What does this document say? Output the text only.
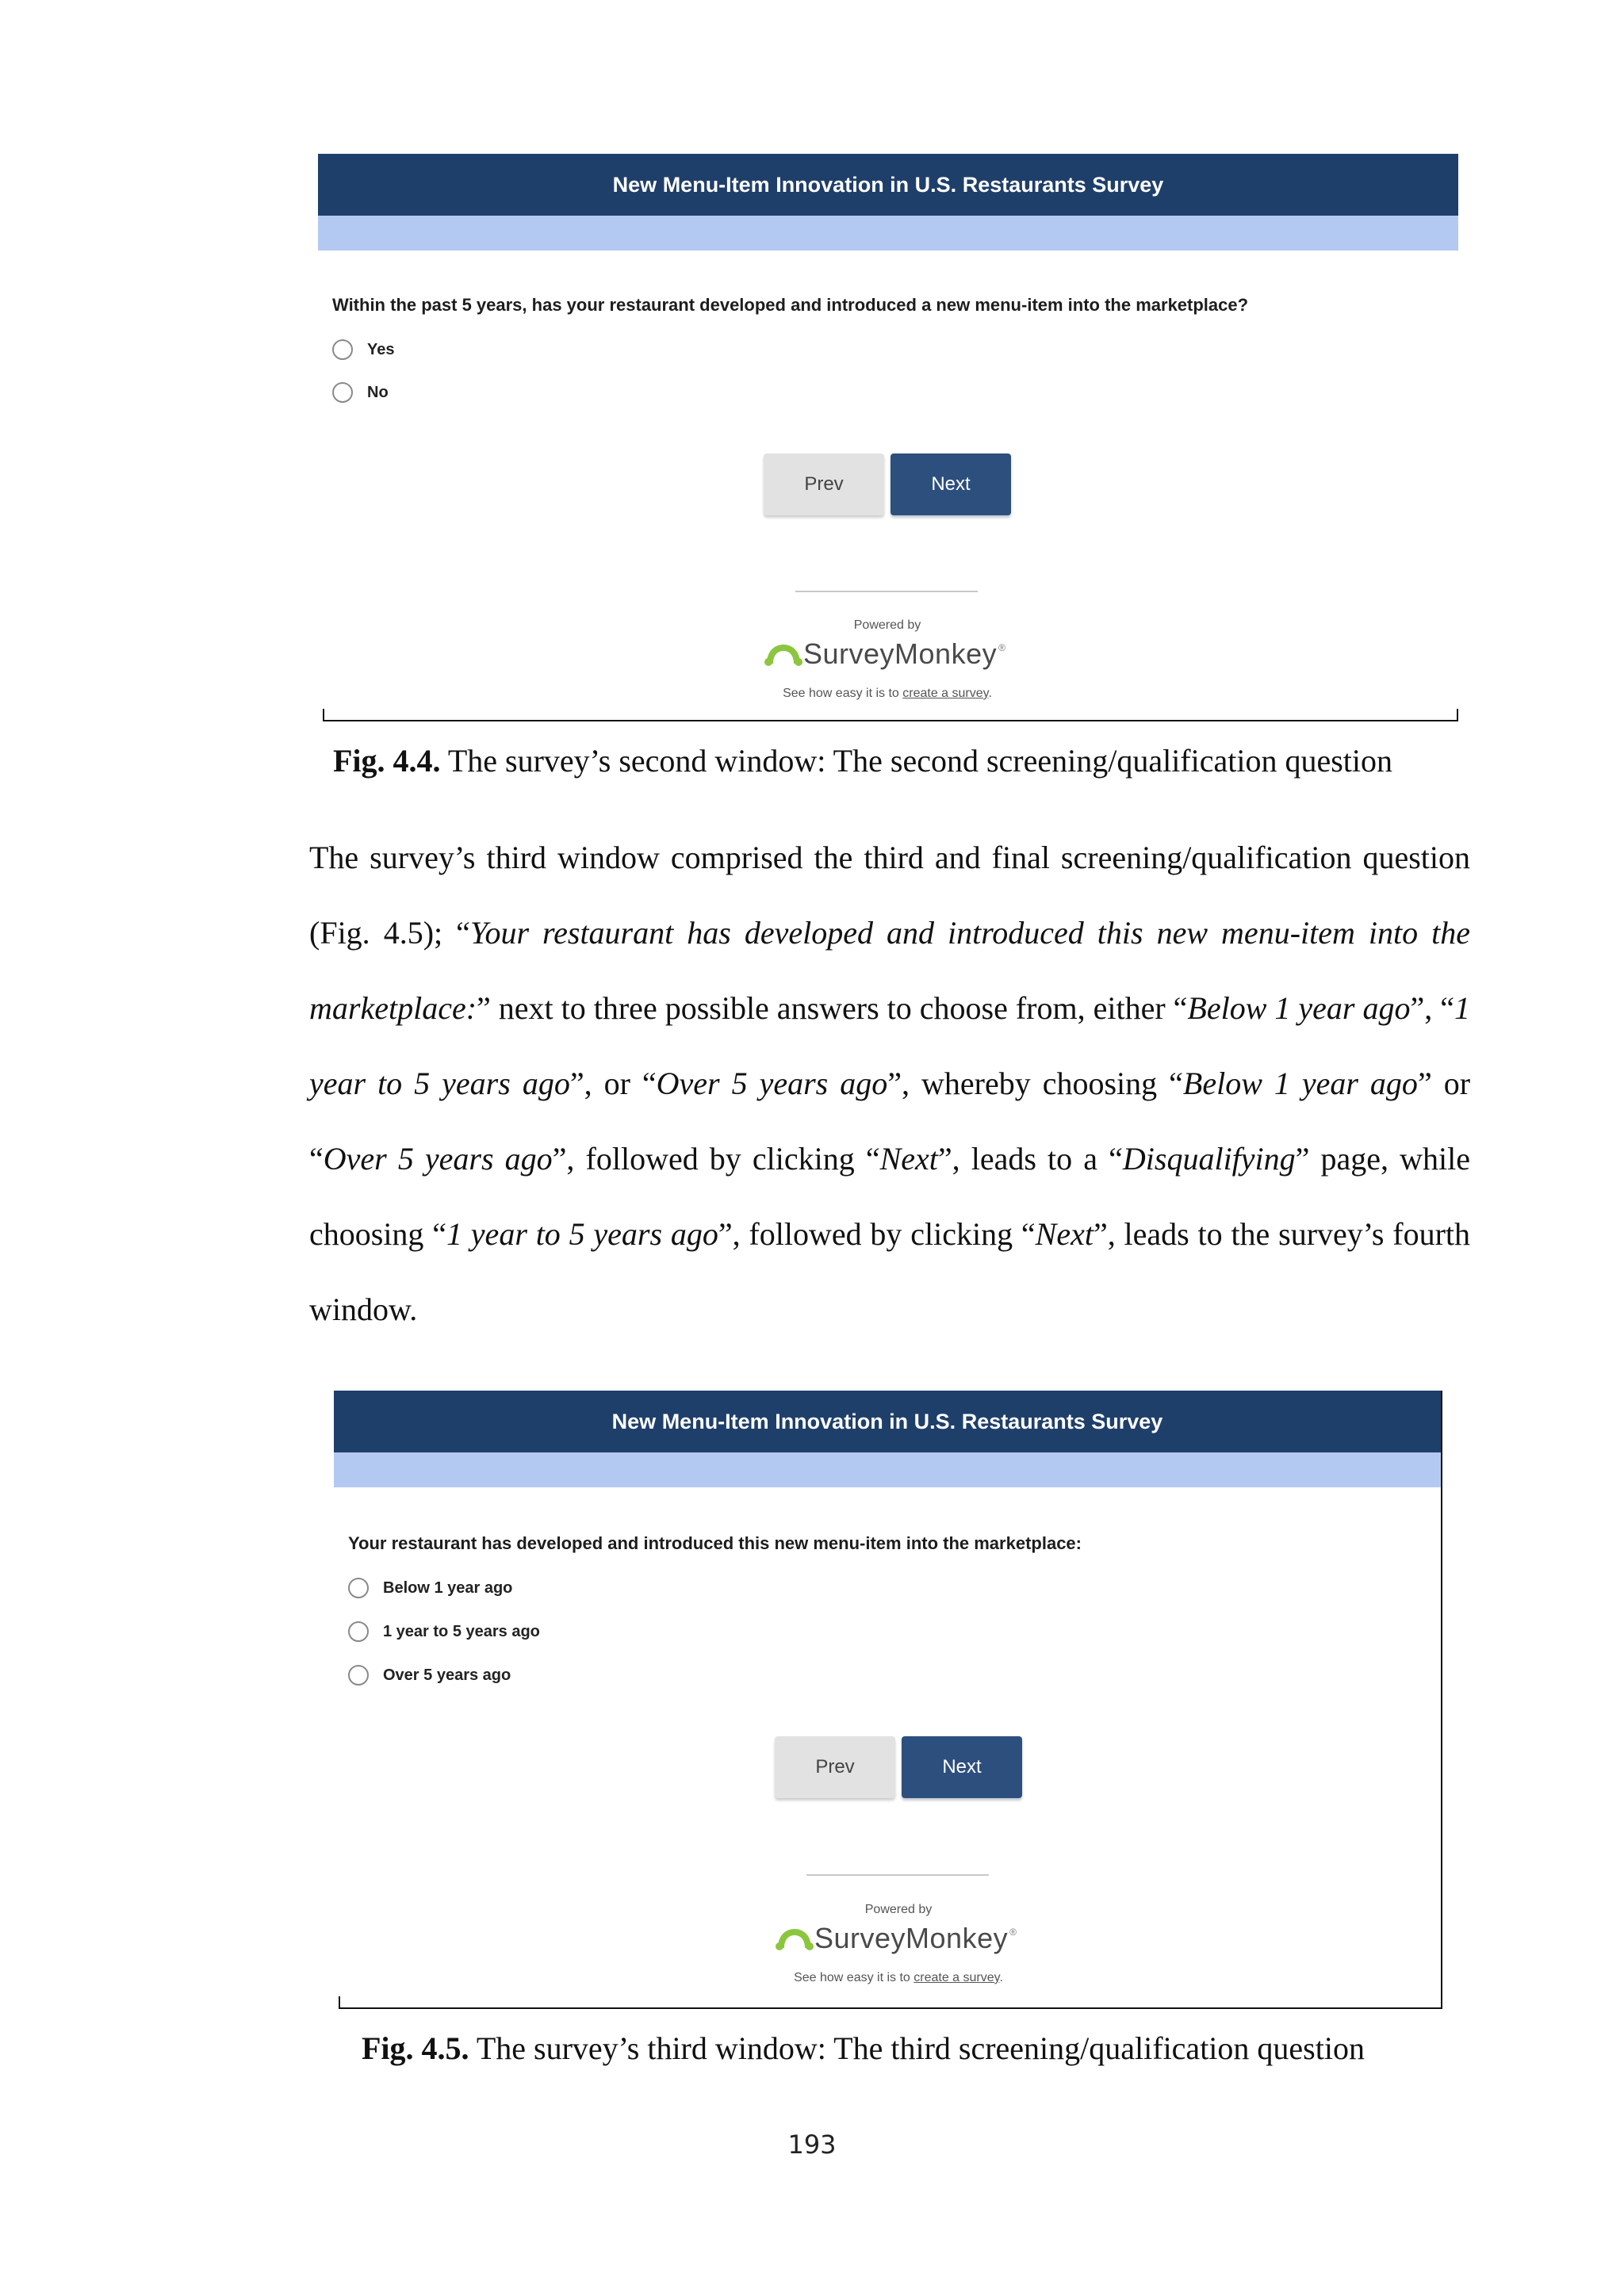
New Menu-Item Innovation in U.S. Restaurants Survey
Within the past 5 years, has your restaurant developed and introduced a new menu-item into the marketplace?
Yes
No
Prev	Next
Powered by
SurveyMonkey ®
See how easy it is to create a survey.
Fig. 4.4. The survey’s second window: The second screening/qualification question
The survey’s third window comprised the third and final screening/qualification question (Fig. 4.5); “Your restaurant has developed and introduced this new menu-item into the marketplace:” next to three possible answers to choose from, either “Below 1 year ago”, “1 year to 5 years ago”, or “Over 5 years ago”, whereby choosing “Below 1 year ago” or “Over 5 years ago”, followed by clicking “Next”, leads to a “Disqualifying” page, while choosing “1 year to 5 years ago”, followed by clicking “Next”, leads to the survey’s fourth window.
New Menu-Item Innovation in U.S. Restaurants Survey
Your restaurant has developed and introduced this new menu-item into the marketplace:
Below 1 year ago
1 year to 5 years ago
Over 5 years ago
Prev	Next
Powered by
SurveyMonkey ®
See how easy it is to create a survey.
Fig. 4.5. The survey’s third window: The third screening/qualification question
193
